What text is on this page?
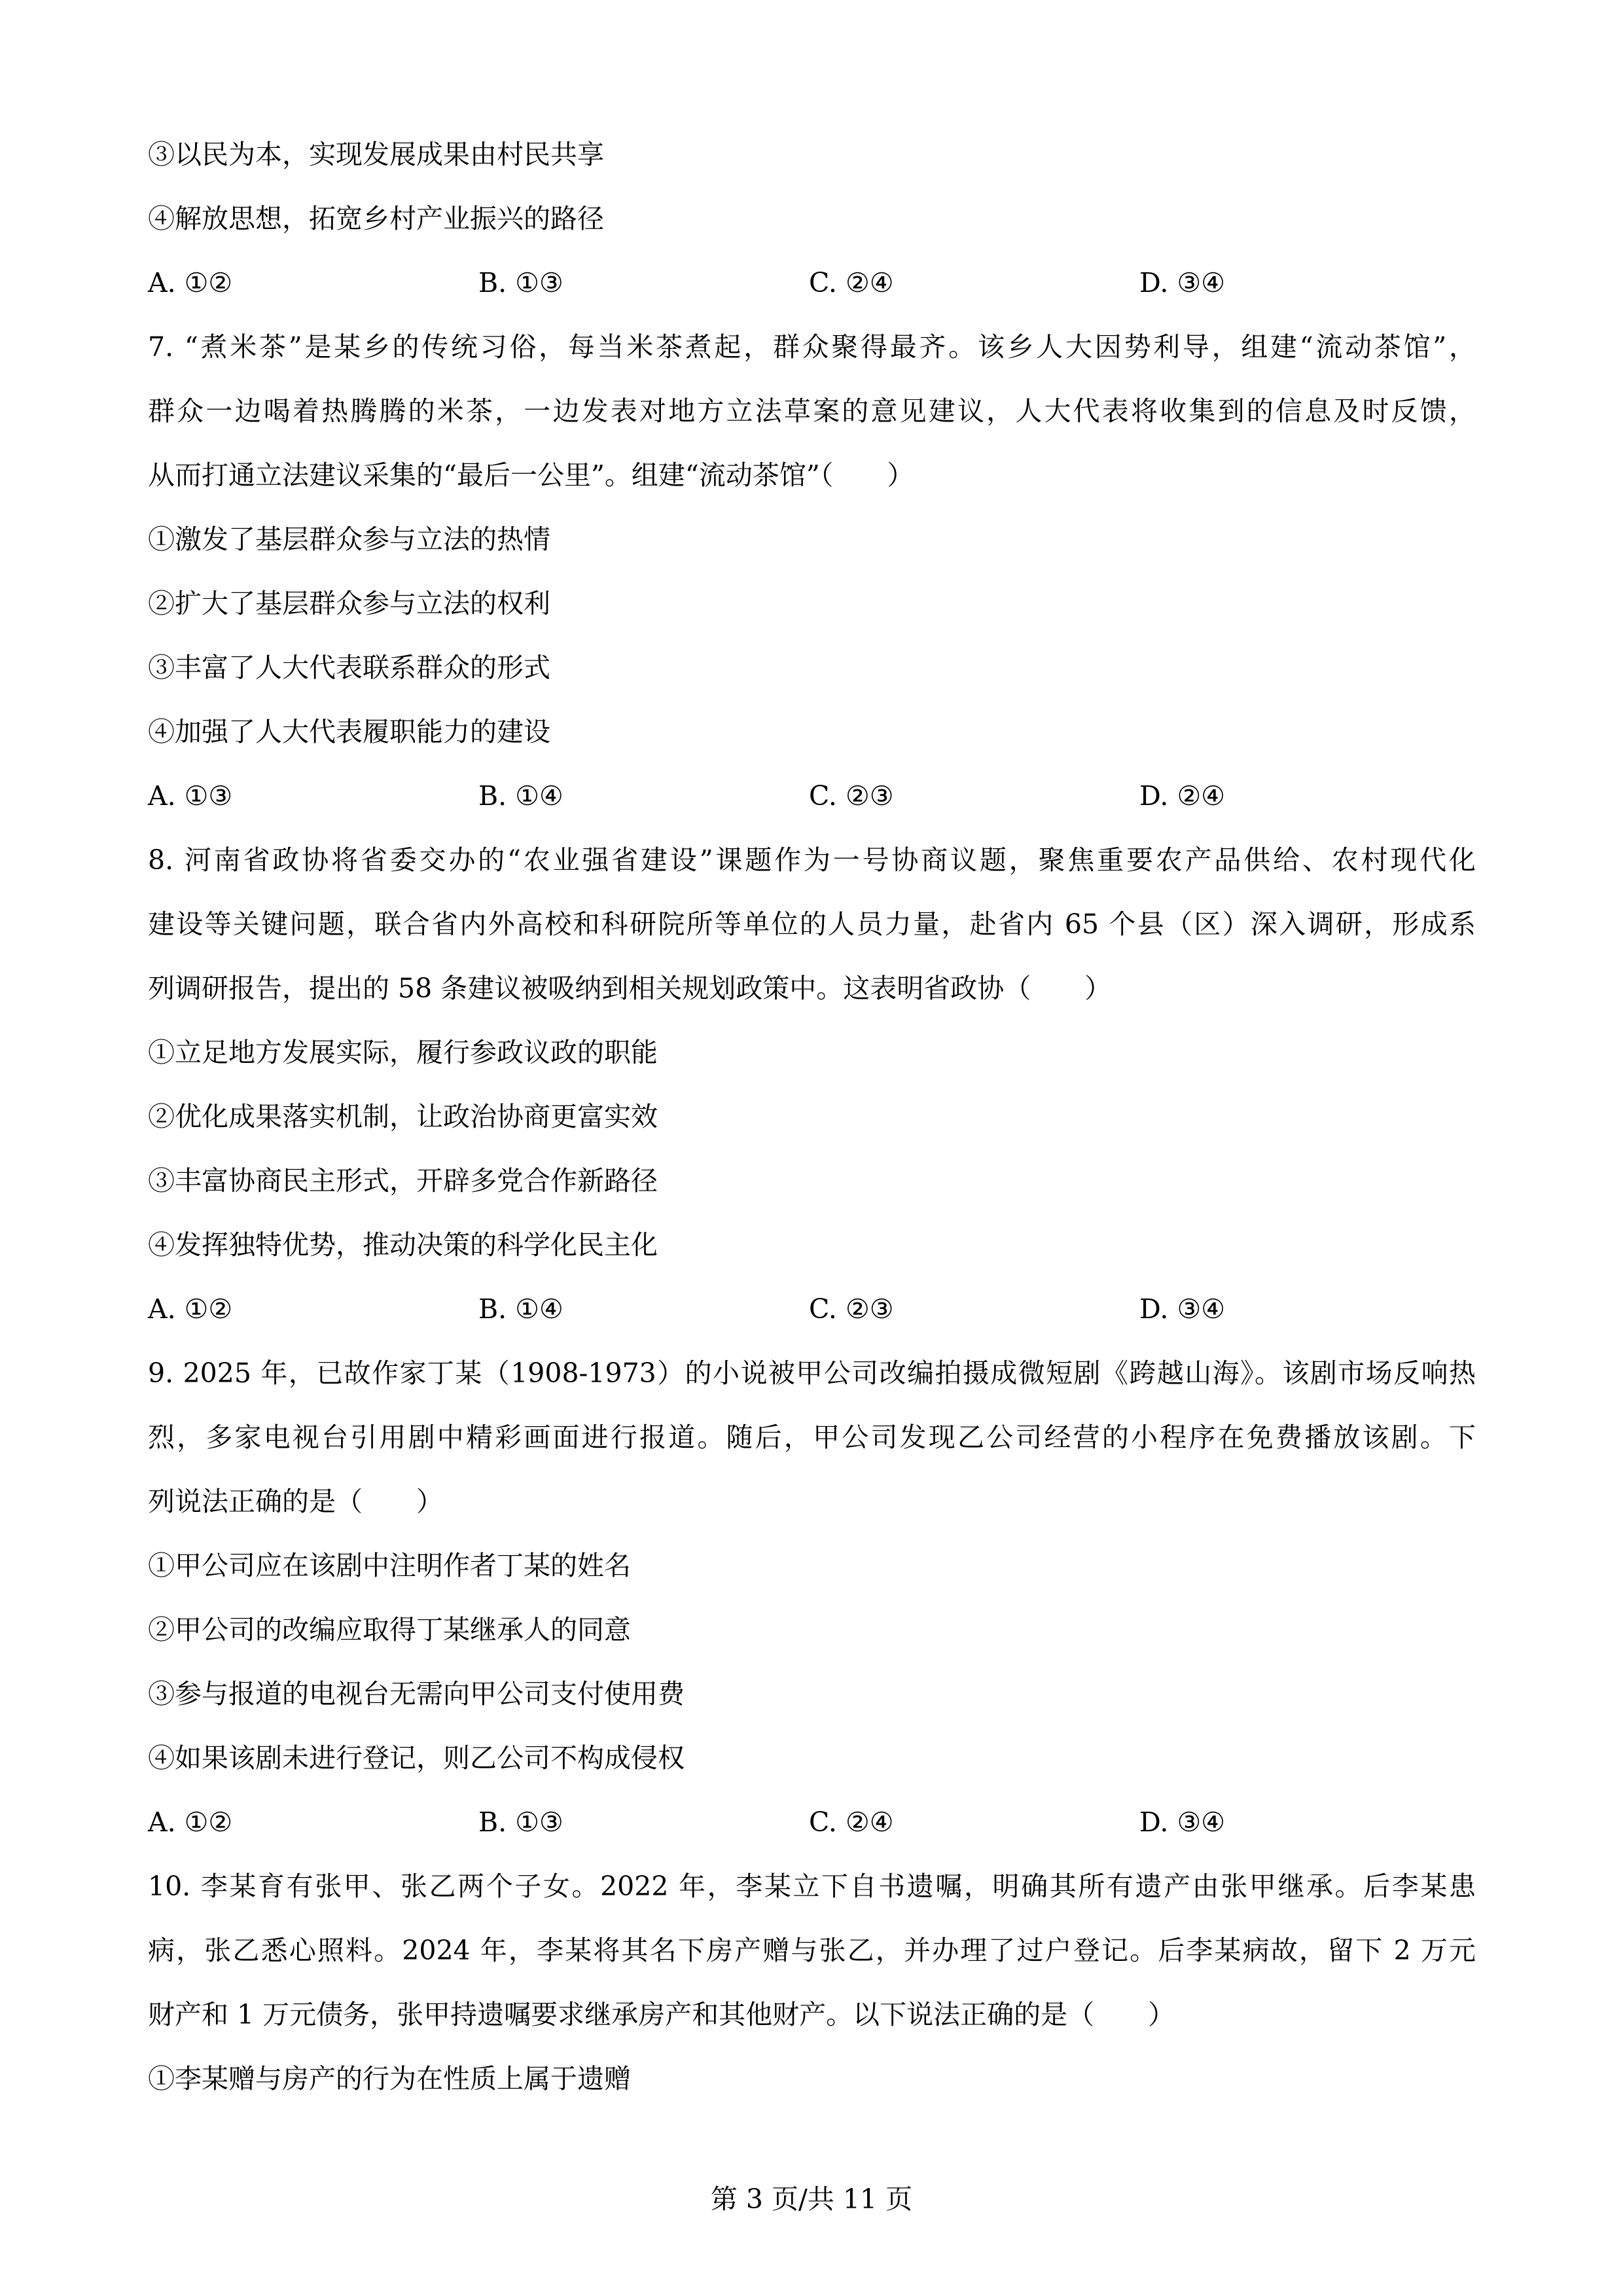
③以民为本，实现发展成果由村民共享
④解放思想，拓宽乡村产业振兴的路径
A. ①②	B. ①③	C. ②④	D. ③④
7. “煮米茶”是某乡的传统习俗，每当米茶煮起，群众聚得最齐。该乡人大因势利导，组建“流动茶馆”，
群众一边喝着热腾腾的米茶，一边发表对地方立法草案的意见建议，人大代表将收集到的信息及时反馈，
从而打通立法建议采集的“最后一公里”。组建“流动茶馆”（　　）
①激发了基层群众参与立法的热情
②扩大了基层群众参与立法的权利
③丰富了人大代表联系群众的形式
④加强了人大代表履职能力的建设
A. ①③	B. ①④	C. ②③	D. ②④
8. 河南省政协将省委交办的“农业强省建设”课题作为一号协商议题，聚焦重要农产品供给、农村现代化
建设等关键问题，联合省内外高校和科研院所等单位的人员力量，赴省内 65 个县（区）深入调研，形成系
列调研报告，提出的 58 条建议被吸纳到相关规划政策中。这表明省政协（　　）
①立足地方发展实际，履行参政议政的职能
②优化成果落实机制，让政治协商更富实效
③丰富协商民主形式，开辟多党合作新路径
④发挥独特优势，推动决策的科学化民主化
A. ①②	B. ①④	C. ②③	D. ③④
9. 2025 年，已故作家丁某（1908-1973）的小说被甲公司改编拍摄成微短剧《跨越山海》。该剧市场反响热
烈，多家电视台引用剧中精彩画面进行报道。随后，甲公司发现乙公司经营的小程序在免费播放该剧。下
列说法正确的是（　　）
①甲公司应在该剧中注明作者丁某的姓名
②甲公司的改编应取得丁某继承人的同意
③参与报道的电视台无需向甲公司支付使用费
④如果该剧未进行登记，则乙公司不构成侵权
A. ①②	B. ①③	C. ②④	D. ③④
10. 李某育有张甲、张乙两个子女。2022 年，李某立下自书遗嘱，明确其所有遗产由张甲继承。后李某患
病，张乙悉心照料。2024 年，李某将其名下房产赠与张乙，并办理了过户登记。后李某病故，留下 2 万元
财产和 1 万元债务，张甲持遗嘱要求继承房产和其他财产。以下说法正确的是（　　）
①李某赠与房产的行为在性质上属于遗赠
第 3 页/共 11 页
